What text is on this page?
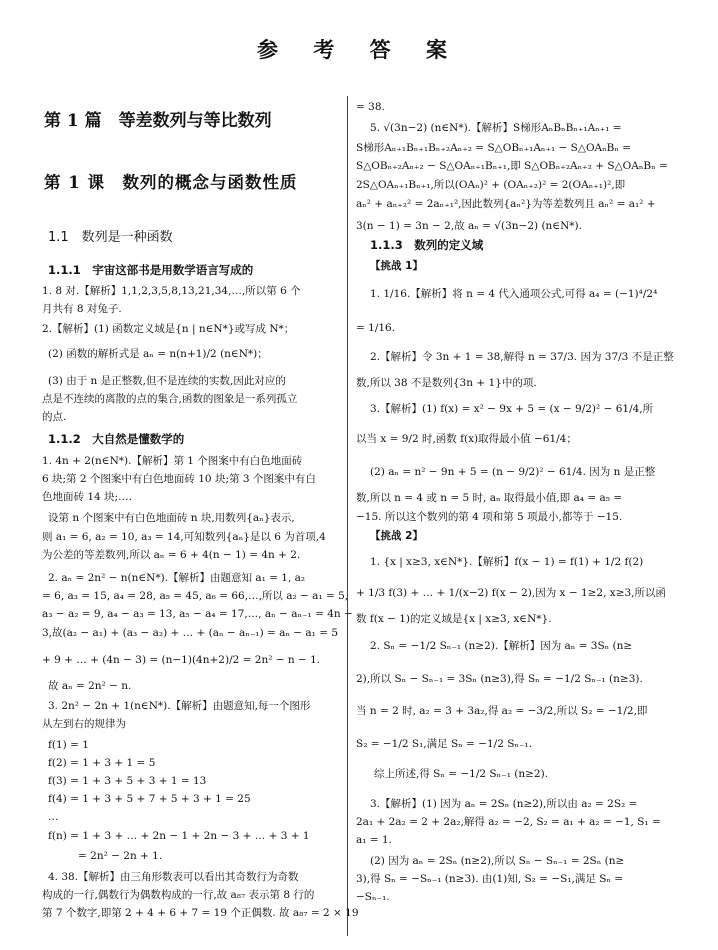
参 考 答 案
第 1 篇　等差数列与等比数列
第 1 课　数列的概念与函数性质
1.1　数列是一种函数
1.1.1　宇宙这部书是用数学语言写成的
1. 8 对.【解析】1,1,2,3,5,8,13,21,34,…,所以第 6 个
月共有 8 对兔子.
2.【解析】(1) 函数定义域是{n | n∈N*}或写成 N*；
(2) 函数的解析式是 aₙ = n(n+1)/2 (n∈N*)；
(3) 由于 n 是正整数,但不是连续的实数,因此对应的
点是不连续的离散的点的集合,函数的图象是一系列孤立
的点.
1.1.2　大自然是懂数学的
1. 4n + 2(n∈N*).【解析】第 1 个图案中有白色地面砖
6 块;第 2 个图案中有白色地面砖 10 块;第 3 个图案中有白
色地面砖 14 块;….
设第 n 个图案中有白色地面砖 n 块,用数列{aₙ}表示,
则 a₁ = 6, a₂ = 10, a₃ = 14,可知数列{aₙ}是以 6 为首项,4
为公差的等差数列,所以 aₙ = 6 + 4(n − 1) = 4n + 2.
2. aₙ = 2n² − n(n∈N*).【解析】由题意知 a₁ = 1, a₂
= 6, a₃ = 15, a₄ = 28, a₅ = 45, a₆ = 66,…,所以 a₂ − a₁ = 5,
a₃ − a₂ = 9, a₄ − a₃ = 13, a₅ − a₄ = 17,…, aₙ − aₙ₋₁ = 4n −
3,故(a₂ − a₁) + (a₃ − a₂) + … + (aₙ − aₙ₋₁) = aₙ − a₁ = 5
+ 9 + … + (4n − 3) = (n−1)(4n+2)/2 = 2n² − n − 1.
故 aₙ = 2n² − n.
3. 2n² − 2n + 1(n∈N*).【解析】由题意知,每一个图形
从左到右的规律为
f(1) = 1
f(2) = 1 + 3 + 1 = 5
f(3) = 1 + 3 + 5 + 3 + 1 = 13
f(4) = 1 + 3 + 5 + 7 + 5 + 3 + 1 = 25
…
f(n) = 1 + 3 + … + 2n − 1 + 2n − 3 + … + 3 + 1
= 2n² − 2n + 1.
4. 38.【解析】由三角形数表可以看出其奇数行为奇数
构成的一行,偶数行为偶数构成的一行,故 a₈₇ 表示第 8 行的
第 7 个数字,即第 2 + 4 + 6 + 7 = 19 个正偶数. 故 a₈₇ = 2 × 19
= 38.
5. √(3n−2) (n∈N*).【解析】S梯形AₙBₙBₙ₊₁Aₙ₊₁ =
S梯形Aₙ₊₁Bₙ₊₁Bₙ₊₂Aₙ₊₂ = S△OBₙ₊₁Aₙ₊₁ − S△OAₙBₙ =
S△OBₙ₊₂Aₙ₊₂ − S△OAₙ₊₁Bₙ₊₁,即 S△OBₙ₊₂Aₙ₊₂ + S△OAₙBₙ =
2S△OAₙ₊₁Bₙ₊₁,所以(OAₙ)² + (OAₙ₊₂)² = 2(OAₙ₊₁)²,即
aₙ² + aₙ₊₂² = 2aₙ₊₁²,因此数列{aₙ²}为等差数列且 aₙ² = a₁² +
3(n − 1) = 3n − 2,故 aₙ = √(3n−2) (n∈N*).
1.1.3　数列的定义域
【挑战 1】
1. 1/16.【解析】将 n = 4 代入通项公式,可得 a₄ = (−1)⁴/2⁴
= 1/16.
2.【解析】令 3n + 1 = 38,解得 n = 37/3. 因为 37/3 不是正整
数,所以 38 不是数列{3n + 1}中的项.
3.【解析】(1) f(x) = x² − 9x + 5 = (x − 9/2)² − 61/4,所
以当 x = 9/2 时,函数 f(x)取得最小值 −61/4；
(2) aₙ = n² − 9n + 5 = (n − 9/2)² − 61/4. 因为 n 是正整
数,所以 n = 4 或 n = 5 时, aₙ 取得最小值,即 a₄ = a₅ =
−15. 所以这个数列的第 4 项和第 5 项最小,都等于 −15.
【挑战 2】
1. {x | x≥3, x∈N*}.【解析】f(x − 1) = f(1) + 1/2 f(2)
+ 1/3 f(3) + … + 1/(x−2) f(x − 2),因为 x − 1≥2, x≥3,所以函
数 f(x − 1)的定义域是{x | x≥3, x∈N*}.
2. Sₙ = −1/2 Sₙ₋₁ (n≥2).【解析】因为 aₙ = 3Sₙ (n≥
2),所以 Sₙ − Sₙ₋₁ = 3Sₙ (n≥3),得 Sₙ = −1/2 Sₙ₋₁ (n≥3).
当 n = 2 时, a₂ = 3 + 3a₂,得 a₂ = −3/2,所以 S₂ = −1/2,即
S₂ = −1/2 S₁,满足 Sₙ = −1/2 Sₙ₋₁.
综上所述,得 Sₙ = −1/2 Sₙ₋₁ (n≥2).
3.【解析】(1) 因为 aₙ = 2Sₙ (n≥2),所以由 a₂ = 2S₂ =
2a₁ + 2a₂ = 2 + 2a₂,解得 a₂ = −2, S₂ = a₁ + a₂ = −1, S₁ =
a₁ = 1.
(2) 因为 aₙ = 2Sₙ (n≥2),所以 Sₙ − Sₙ₋₁ = 2Sₙ (n≥
3),得 Sₙ = −Sₙ₋₁ (n≥3). 由(1)知, S₂ = −S₁,满足 Sₙ =
−Sₙ₋₁.
